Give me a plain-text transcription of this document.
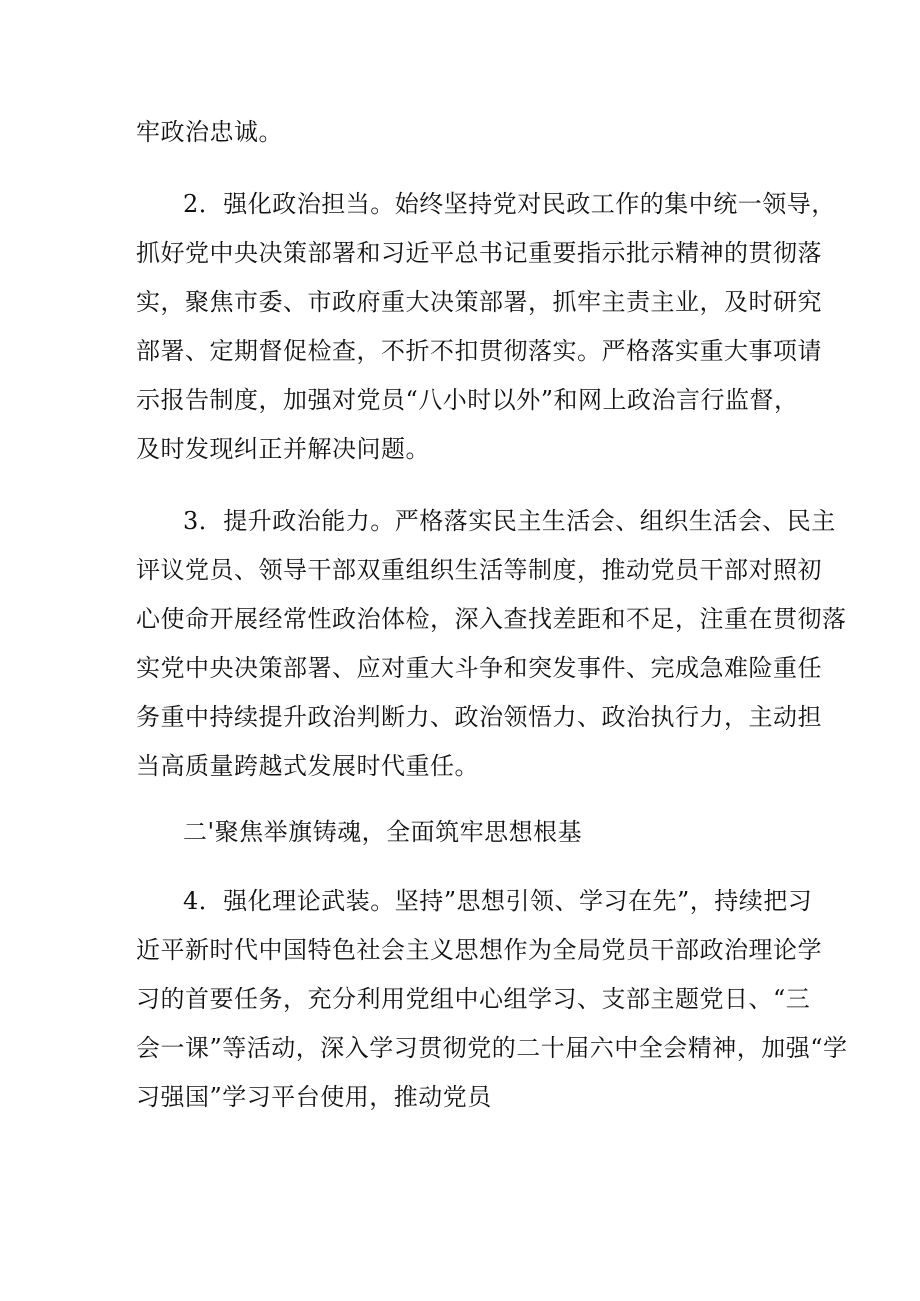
牢政治忠诚。
2．强化政治担当。始终坚持党对民政工作的集中统一领导，
抓好党中央决策部署和习近平总书记重要指示批示精神的贯彻落
实，聚焦市委、市政府重大决策部署，抓牢主责主业，及时研究
部署、定期督促检查，不折不扣贯彻落实。严格落实重大事项请
示报告制度，加强对党员“八小时以外”和网上政治言行监督，
及时发现纠正并解决问题。
3．提升政治能力。严格落实民主生活会、组织生活会、民主
评议党员、领导干部双重组织生活等制度，推动党员干部对照初
心使命开展经常性政治体检，深入查找差距和不足，注重在贯彻落
实党中央决策部署、应对重大斗争和突发事件、完成急难险重任
务重中持续提升政治判断力、政治领悟力、政治执行力，主动担
当高质量跨越式发展时代重任。
二'聚焦举旗铸魂，全面筑牢思想根基
4．强化理论武装。坚持”思想引领、学习在先”，持续把习
近平新时代中国特色社会主义思想作为全局党员干部政治理论学
习的首要任务，充分利用党组中心组学习、支部主题党日、“三
会一课”等活动，深入学习贯彻党的二十届六中全会精神，加强“学
习强国”学习平台使用，推动党员
